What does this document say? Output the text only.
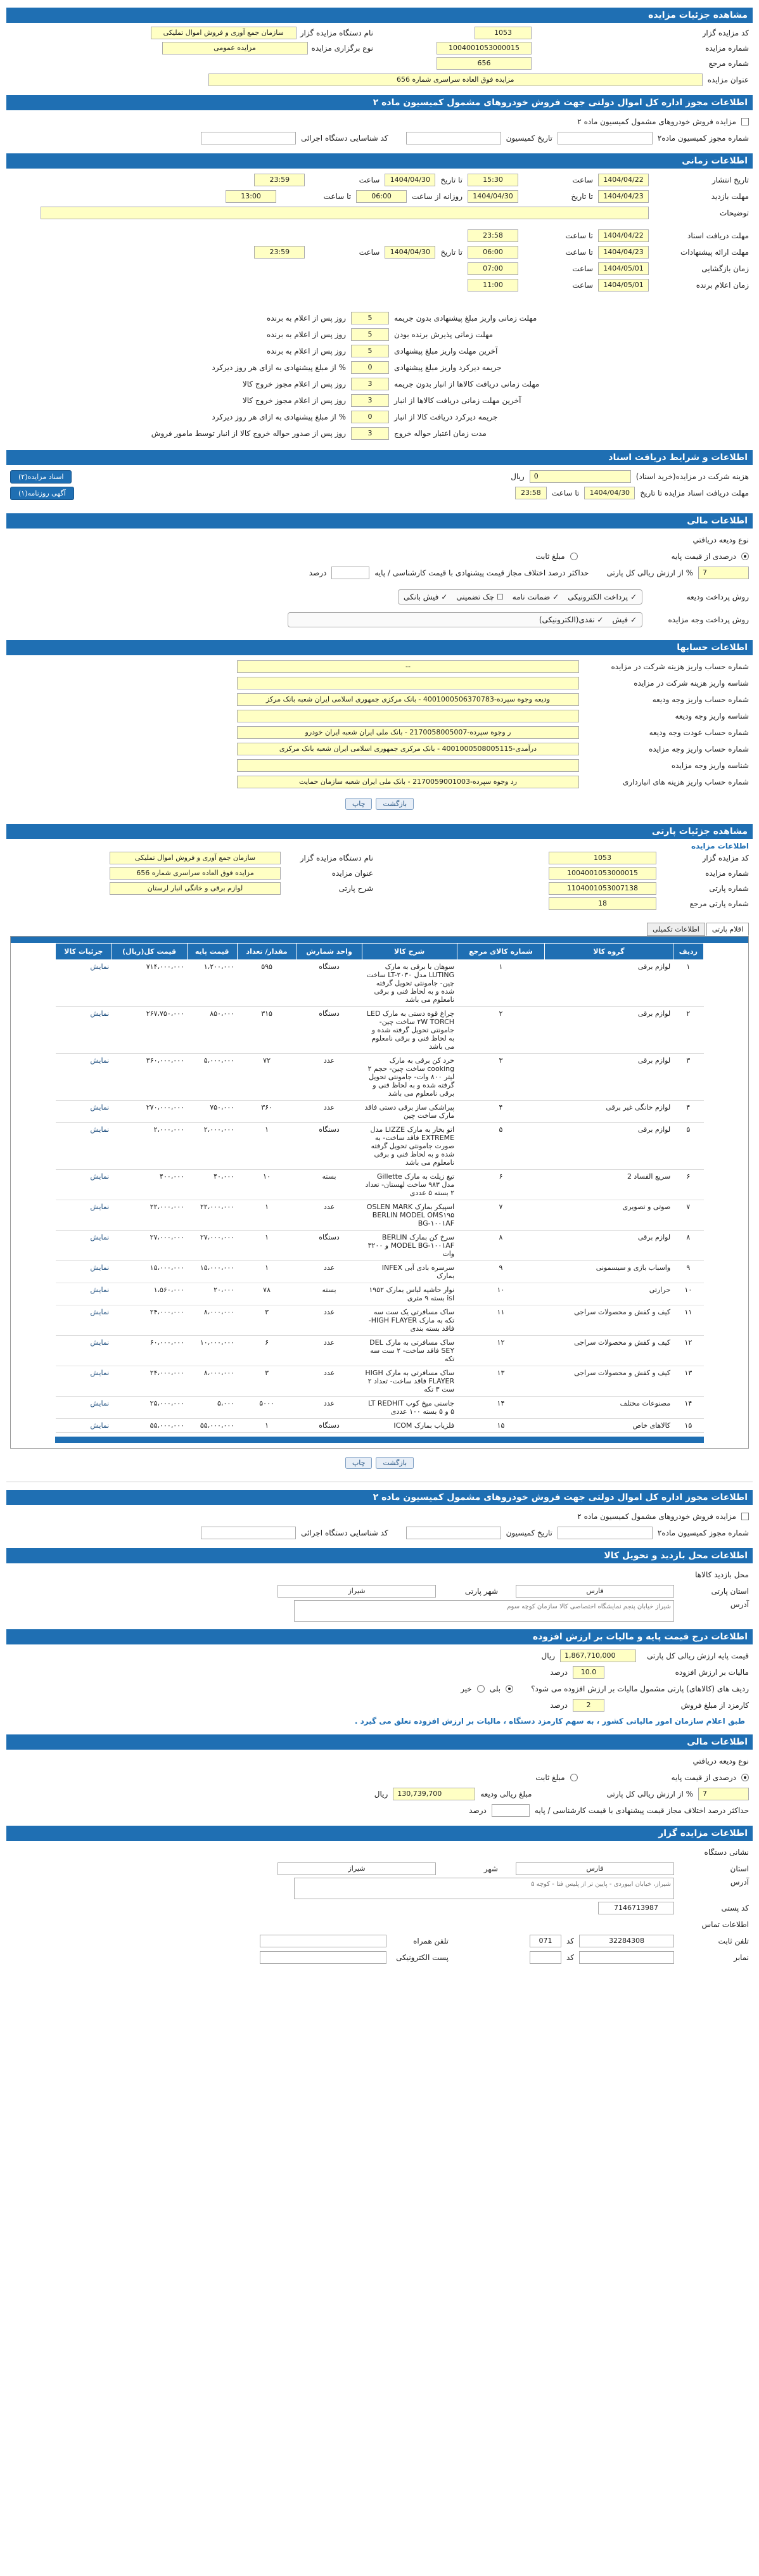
مشاهده جزئیات مزایده
کد مزایده گزار
1053
نام دستگاه مزایده گزار
سازمان جمع آوری و فروش اموال تملیکی
شماره مزایده
1004001053000015
نوع برگزاری مزایده
مزایده عمومی
شماره مرجع
656
عنوان مزایده
مزایده فوق العاده سراسری شماره 656
اطلاعات مجوز اداره کل اموال دولتی جهت فروش خودروهای مشمول کمیسیون ماده ۲
مزایده فروش خودروهای مشمول کمیسیون ماده ۲
شماره مجوز کمیسیون ماده۲
تاریخ کمیسیون
کد شناسایی دستگاه اجرائی
اطلاعات زمانی
تاریخ انتشار
1404/04/22
ساعت
15:30
تا تاریخ
1404/04/30
ساعت
23:59
مهلت بازدید
1404/04/23
تا تاریخ
1404/04/30
روزانه از ساعت
06:00
تا ساعت
13:00
توضیحات
مهلت دریافت اسناد
1404/04/22
تا ساعت
23:58
مهلت ارائه پیشنهادات
1404/04/23
تا ساعت
06:00
تا تاریخ
1404/04/30
ساعت
23:59
زمان بازگشایی
1404/05/01
ساعت
07:00
زمان اعلام برنده
1404/05/01
ساعت
11:00
مهلت زمانی واریز مبلغ پیشنهادی بدون جریمه
5
روز پس از اعلام به برنده
مهلت زمانی پذیرش برنده بودن
5
روز پس از اعلام به برنده
آخرین مهلت واریز مبلغ پیشنهادی
5
روز پس از اعلام به برنده
جریمه دیرکرد واریز مبلغ پیشنهادی
0
% از مبلغ پیشنهادی به ازای هر روز دیرکرد
مهلت زمانی دریافت کالاها از انبار بدون جریمه
3
روز پس از اعلام مجوز خروج کالا
آخرین مهلت زمانی دریافت کالاها از انبار
3
روز پس از اعلام مجوز خروج کالا
جریمه دیرکرد دریافت کالا از انبار
0
% از مبلغ پیشنهادی به ازای هر روز دیرکرد
مدت زمان اعتبار حواله خروج
3
روز پس از صدور حواله خروج کالا از انبار توسط مامور فروش
اطلاعات و شرایط دریافت اسناد
هزینه شرکت در مزایده(خرید اسناد)
0
ریال
اسناد مزایده(۲)
مهلت دریافت اسناد مزایده تا تاریخ
1404/04/30
تا ساعت
23:58
آگهی روزنامه(۱)
اطلاعات مالی
نوع وديعه دريافتي
درصدی از قیمت پایه
مبلغ ثابت
7
% از ارزش ریالی کل پارتی
حداکثر درصد اختلاف مجاز قیمت پیشنهادی با قیمت کارشناسی / پایه
درصد
روش پرداخت ودیعه
✓ پرداخت الکترونیکی
✓ ضمانت نامه
☐ چک تضمینی
✓ فیش بانکی
روش پرداخت وجه مزایده
✓ فیش
✓ نقدی(الکترونیکی)
اطلاعات حسابها
شماره حساب واریز هزینه شرکت در مزایده
--
شناسه واریز هزینه شرکت در مزایده
شماره حساب واریز وجه ودیعه
ودیعه وجوه سپرده-4001000506370783 - بانک مرکزی جمهوری اسلامی ایران شعبه بانک مرکز
شناسه واریز وجه ودیعه
شماره حساب عودت وجه ودیعه
ر وجوه سپرده-2170058005007 - بانک ملی ایران شعبه ایران خودرو
شماره حساب واریز وجه مزایده
درآمدی-4001000508005115 - بانک مرکزی جمهوری اسلامی ایران شعبه بانک مرکزی
شناسه واریز وجه مزایده
شماره حساب واریز هزینه های انبارداری
رد وجوه سپرده-2170059001003 - بانک ملی ایران شعبه سازمان حمایت
بازگشت
چاپ
مشاهده جزئیات پارتی
اطلاعات مزایده
کد مزایده گزار
1053
نام دستگاه مزایده گزار
سازمان جمع آوری و فروش اموال تملیکی
شماره مزایده
1004001053000015
عنوان مزایده
مزایده فوق العاده سراسری شماره 656
شماره پارتی
1104001053007138
شرح پارتی
لوازم برقی و خانگی انبار لرستان
شماره پارتی مرجع
18
اقلام پارتی
اطلاعات تکمیلی
ردیف	گروه کالا	شماره کالای مرجع	شرح کالا	واحد شمارش	مقدار/ تعداد	قیمت پایه	قیمت کل(ریال)	جزئیات کالا
۱	لوازم برقی	۱	سوهان با برقی به مارک LUTING مدل LT-۲۰۳۰ ساخت چین- جامونتی تحویل گرفته شده و به لحاظ فنی و برقی نامعلوم می باشد	دستگاه	۵۹۵	۱،۲۰۰،۰۰۰	۷۱۴،۰۰۰،۰۰۰	نمایش
۲	لوازم برقی	۲	چراغ قوه دستی به مارک LED ۲W TORCH ساخت چین- جامونتی تحویل گرفته شده و به لحاظ فنی و برقی نامعلوم می باشد	دستگاه	۳۱۵	۸۵۰،۰۰۰	۲۶۷،۷۵۰،۰۰۰	نمایش
۳	لوازم برقی	۳	خرد کن برقی به مارک cooking ساخت چین- حجم ۲ لیتر ۸۰۰ وات- جامونتی تحویل گرفته شده و به لحاظ فنی و برقی نامعلوم می باشد	عدد	۷۲	۵،۰۰۰،۰۰۰	۳۶۰،۰۰۰،۰۰۰	نمایش
۴	لوازم خانگی غیر برقی	۴	پیراشکی ساز برقی دستی فاقد مارک ساخت چین	عدد	۳۶۰	۷۵۰،۰۰۰	۲۷۰،۰۰۰،۰۰۰	نمایش
۵	لوازم برقی	۵	اتو بخار به مارک LIZZE مدل EXTREME فاقد ساخت- به صورت جامونتی تحویل گرفته شده و به لحاظ فنی و برقی نامعلوم می باشد	دستگاه	۱	۲،۰۰۰،۰۰۰	۲،۰۰۰،۰۰۰	نمایش
۶	سریع الفساد 2	۶	تیغ زیلت به مارک Gillette مدل ۹۸۳ ساخت لهستان- تعداد ۲ بسته ۵ عددی	بسته	۱۰	۴۰،۰۰۰	۴۰۰،۰۰۰	نمایش
۷	صوتی و تصویری	۷	اسپیکر بمارک OSLEN MARK BERLIN MODEL OMS۱۹۵ BG-۱۰۰۱AF	عدد	۱	۲۲،۰۰۰،۰۰۰	۲۲،۰۰۰،۰۰۰	نمایش
۸	لوازم برقی	۸	سرخ کن بمارک BERLIN MODEL BG-۱۰۰۱AF و ۳۲۰۰ وات	دستگاه	۱	۲۷،۰۰۰،۰۰۰	۲۷،۰۰۰،۰۰۰	نمایش
۹	واسباب بازی و سیسمونی	۹	سرسره بادی آبی INFEX بمارک	عدد	۱	۱۵،۰۰۰،۰۰۰	۱۵،۰۰۰،۰۰۰	نمایش
۱۰	حرارتی	۱۰	نوار حاشیه لباس بمارک ۱۹۵۲ isl بسته ۹ متری	بسته	۷۸	۲۰،۰۰۰	۱،۵۶۰،۰۰۰	نمایش
۱۱	کیف و کفش و محصولات سراجی	۱۱	ساک مسافرتی یک ست سه تکه به مارک HIGH FLAYER- فاقد بسته بندی	عدد	۳	۸،۰۰۰،۰۰۰	۲۴،۰۰۰،۰۰۰	نمایش
۱۲	کیف و کفش و محصولات سراجی	۱۲	ساک مسافرتی به مارک DEL SEY فاقد ساخت- ۲ ست سه تکه	عدد	۶	۱۰،۰۰۰،۰۰۰	۶۰،۰۰۰،۰۰۰	نمایش
۱۳	کیف و کفش و محصولات سراجی	۱۳	ساک مسافرتی به مارک HIGH FLAYER فاقد ساخت- تعداد ۲ ست ۳ تکه	عدد	۳	۸،۰۰۰،۰۰۰	۲۴،۰۰۰،۰۰۰	نمایش
۱۴	مصنوعات مختلف	۱۴	جاسنی میخ کوب LT REDHIT ۵ و ۵ بسته ۱۰۰ عددی	عدد	۵۰۰۰	۵،۰۰۰	۲۵،۰۰۰،۰۰۰	نمایش
۱۵	کالاهای خاص	۱۵	فلزیاب بمارک ICOM	دستگاه	۱	۵۵،۰۰۰،۰۰۰	۵۵،۰۰۰،۰۰۰	نمایش
بازگشت
چاپ
اطلاعات مجوز اداره کل اموال دولتی جهت فروش خودروهای مشمول کمیسیون ماده ۲
مزایده فروش خودروهای مشمول کمیسیون ماده ۲
شماره مجوز کمیسیون ماده۲
تاریخ کمیسیون
کد شناسایی دستگاه اجرائی
اطلاعات محل بازدید و تحویل کالا
محل بازدید کالاها
استان پارتی
فارس
شهر پارتی
شیراز
آدرس
شیراز خیابان پنجم نمایشگاه اختصاصی کالا سازمان کوچه سوم
اطلاعات درج قیمت پایه و مالیات بر ارزش افزوده
قیمت پایه ارزش ریالی کل پارتی
1,867,710,000
ریال
مالیات بر ارزش افزوده
10.0
درصد
ردیف های (کالاهای) پارتی مشمول مالیات بر ارزش افزوده می شود؟
بلی
خیر
کارمزد از مبلغ فروش
2
درصد
طبق اعلام سازمان امور مالیاتی کشور ، به سهم کارمزد دستگاه ، مالیات بر ارزش افزوده تعلق می گیرد .
اطلاعات مالی
نوع وديعه دريافتي
درصدی از قیمت پایه
مبلغ ثابت
7
% از ارزش ریالی کل پارتی
مبلغ ریالی ودیعه
130,739,700
ریال
حداکثر درصد اختلاف مجاز قیمت پیشنهادی با قیمت کارشناسی / پایه
درصد
اطلاعات مزایده گزار
نشانی دستگاه
استان
فارس
شهر
شیراز
آدرس
شیراز، خیابان ابیوردی - پایین تر از پلیس فتا - کوچه ۵
کد پستی
7146713987
اطلاعات تماس
تلفن ثابت
32284308
کد
071
تلفن همراه
نمابر
کد
پست الکترونیکی
